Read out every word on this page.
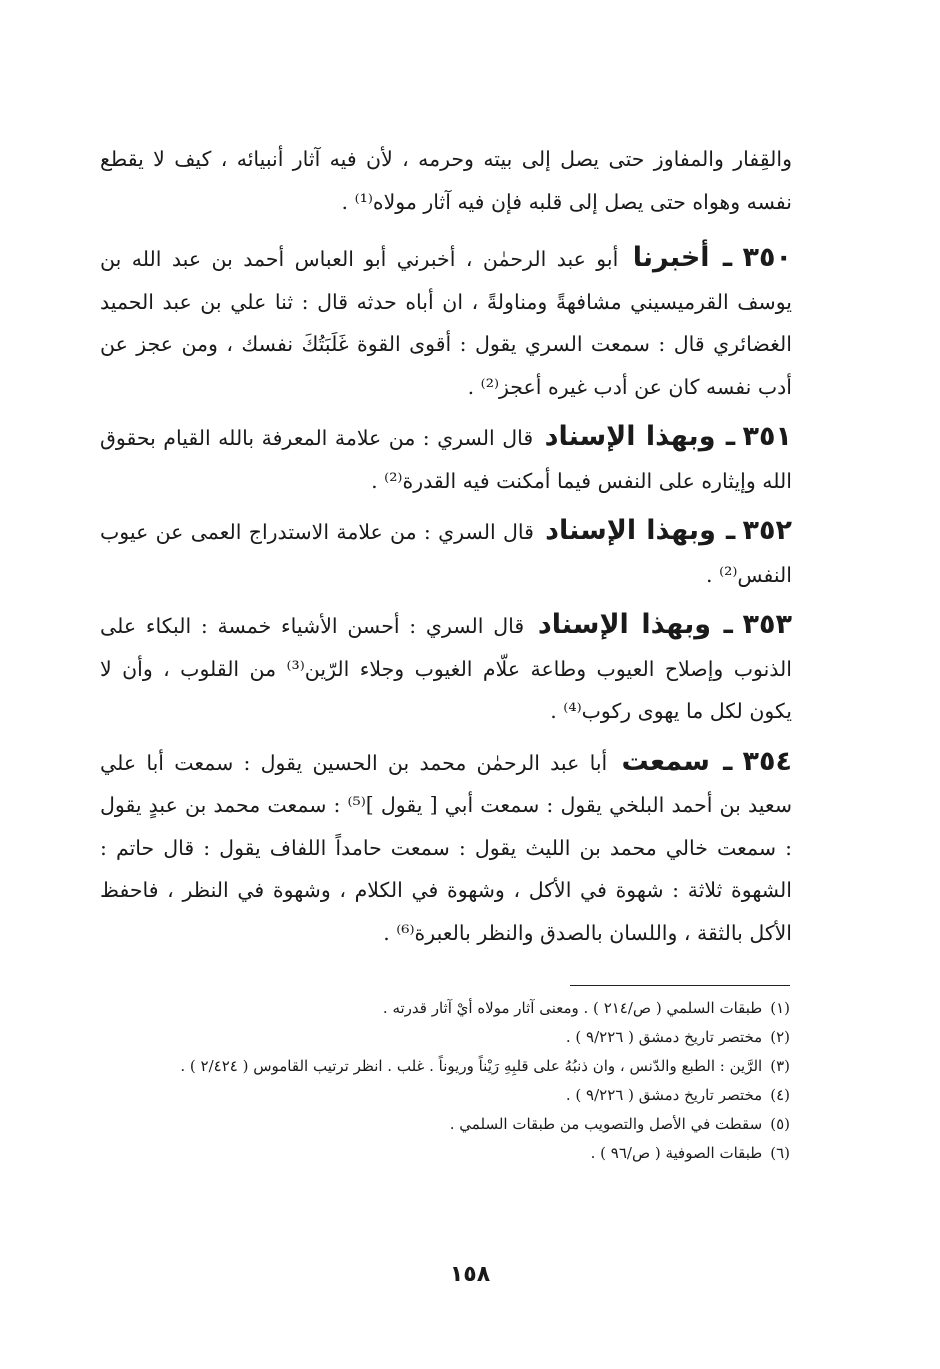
والقِفار والمفاوز حتى يصل إلى بيته وحرمه ، لأن فيه آثار أنبيائه ، كيف لا يقطع نفسه وهواه حتى يصل إلى قلبه فإن فيه آثار مولاه⁽¹⁾ .

٣٥٠ ـ أخبرنا أبو عبد الرحمٰن ، أخبرني أبو العباس أحمد بن عبد الله بن يوسف القرميسيني مشافهةً ومناولةً ، ان أباه حدثه قال : ثنا علي بن عبد الحميد الغضائري قال : سمعت السري يقول : أقوى القوة غَلَبَتُكَ نفسك ، ومن عجز عن أدب نفسه كان عن أدب غيره أعجز⁽²⁾ .

٣٥١ ـ وبهذا الإسناد قال السري : من علامة المعرفة بالله القيام بحقوق الله وإيثاره على النفس فيما أمكنت فيه القدرة⁽²⁾ .

٣٥٢ ـ وبهذا الإسناد قال السري : من علامة الاستدراج العمى عن عيوب النفس⁽²⁾ .

٣٥٣ ـ وبهذا الإسناد قال السري : أحسن الأشياء خمسة : البكاء على الذنوب وإصلاح العيوب وطاعة علّام الغيوب وجلاء الرّين⁽³⁾ من القلوب ، وأن لا يكون لكل ما يهوى ركوب⁽⁴⁾ .

٣٥٤ ـ سمعت أبا عبد الرحمٰن محمد بن الحسين يقول : سمعت أبا علي سعيد بن أحمد البلخي يقول : سمعت أبي [ يقول ]⁽⁵⁾ : سمعت محمد بن عبدٍ يقول : سمعت خالي محمد بن الليث يقول : سمعت حامداً اللفاف يقول : قال حاتم : الشهوة ثلاثة : شهوة في الأكل ، وشهوة في الكلام ، وشهوة في النظر ، فاحفظ الأكل بالثقة ، واللسان بالصدق والنظر بالعبرة⁽⁶⁾ .

(١)
طبقات السلمي ( ص/٢١٤ ) . ومعنى آثار مولاه أيْ آثار قدرته .
(٢)
مختصر تاريخ دمشق ( ٩/٢٢٦ ) .
(٣)
الرَّين : الطبع والدّنس ، وان ذنبُهُ على قلبِهِ رَيْناً وريوناً . غلب . انظر ترتيب القاموس ( ٢/٤٢٤ ) .
(٤)
مختصر تاريخ دمشق ( ٩/٢٢٦ ) .
(٥)
سقطت في الأصل والتصويب من طبقات السلمي .
(٦)
طبقات الصوفية ( ص/٩٦ ) .
١٥٨
